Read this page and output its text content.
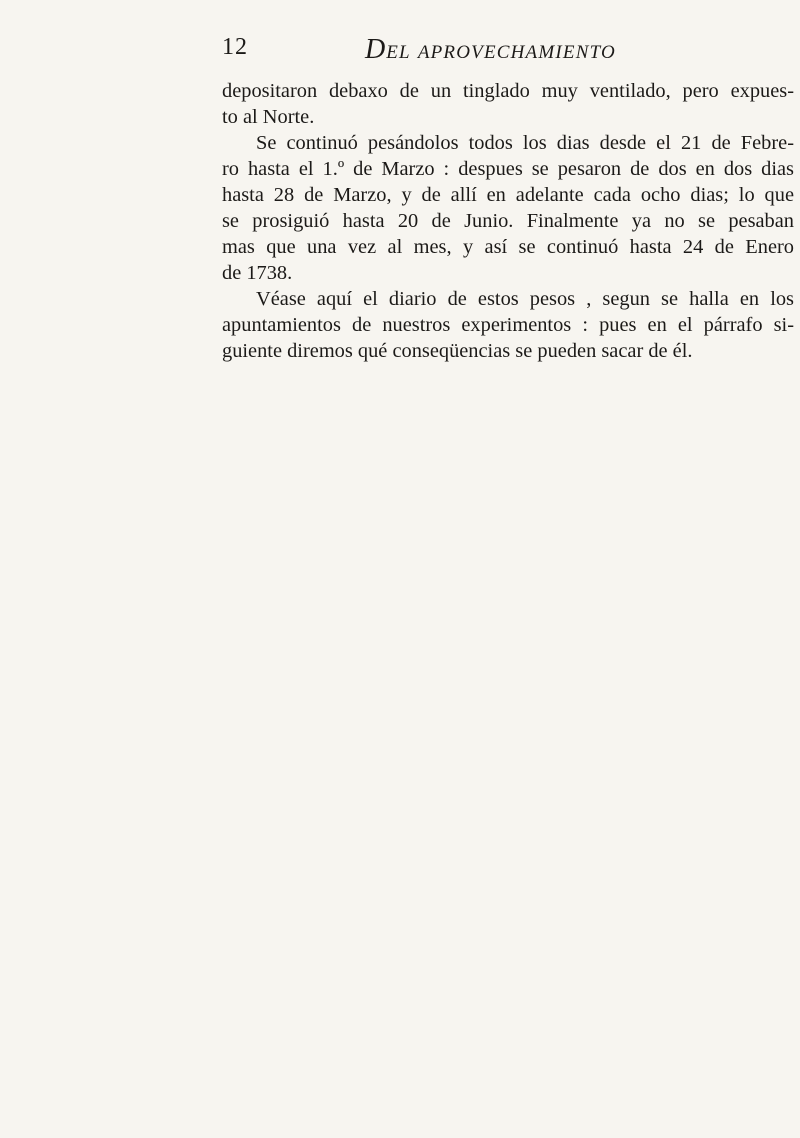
12	DEL APROVECHAMIENTO
depositaron debaxo de un tinglado muy ventilado, pero expues-
to al Norte.
Se continuó pesándolos todos los dias desde el 21 de Febre-
ro hasta el 1.º de Marzo : despues se pesaron de dos en dos dias
hasta 28 de Marzo, y de allí en adelante cada ocho dias; lo que
se prosiguió hasta 20 de Junio. Finalmente ya no se pesaban
mas que una vez al mes, y así se continuó hasta 24 de Enero
de 1738.
Véase aquí el diario de estos pesos , segun se halla en los
apuntamientos de nuestros experimentos : pues en el párrafo si-
guiente diremos qué conseqüencias se pueden sacar de él.
